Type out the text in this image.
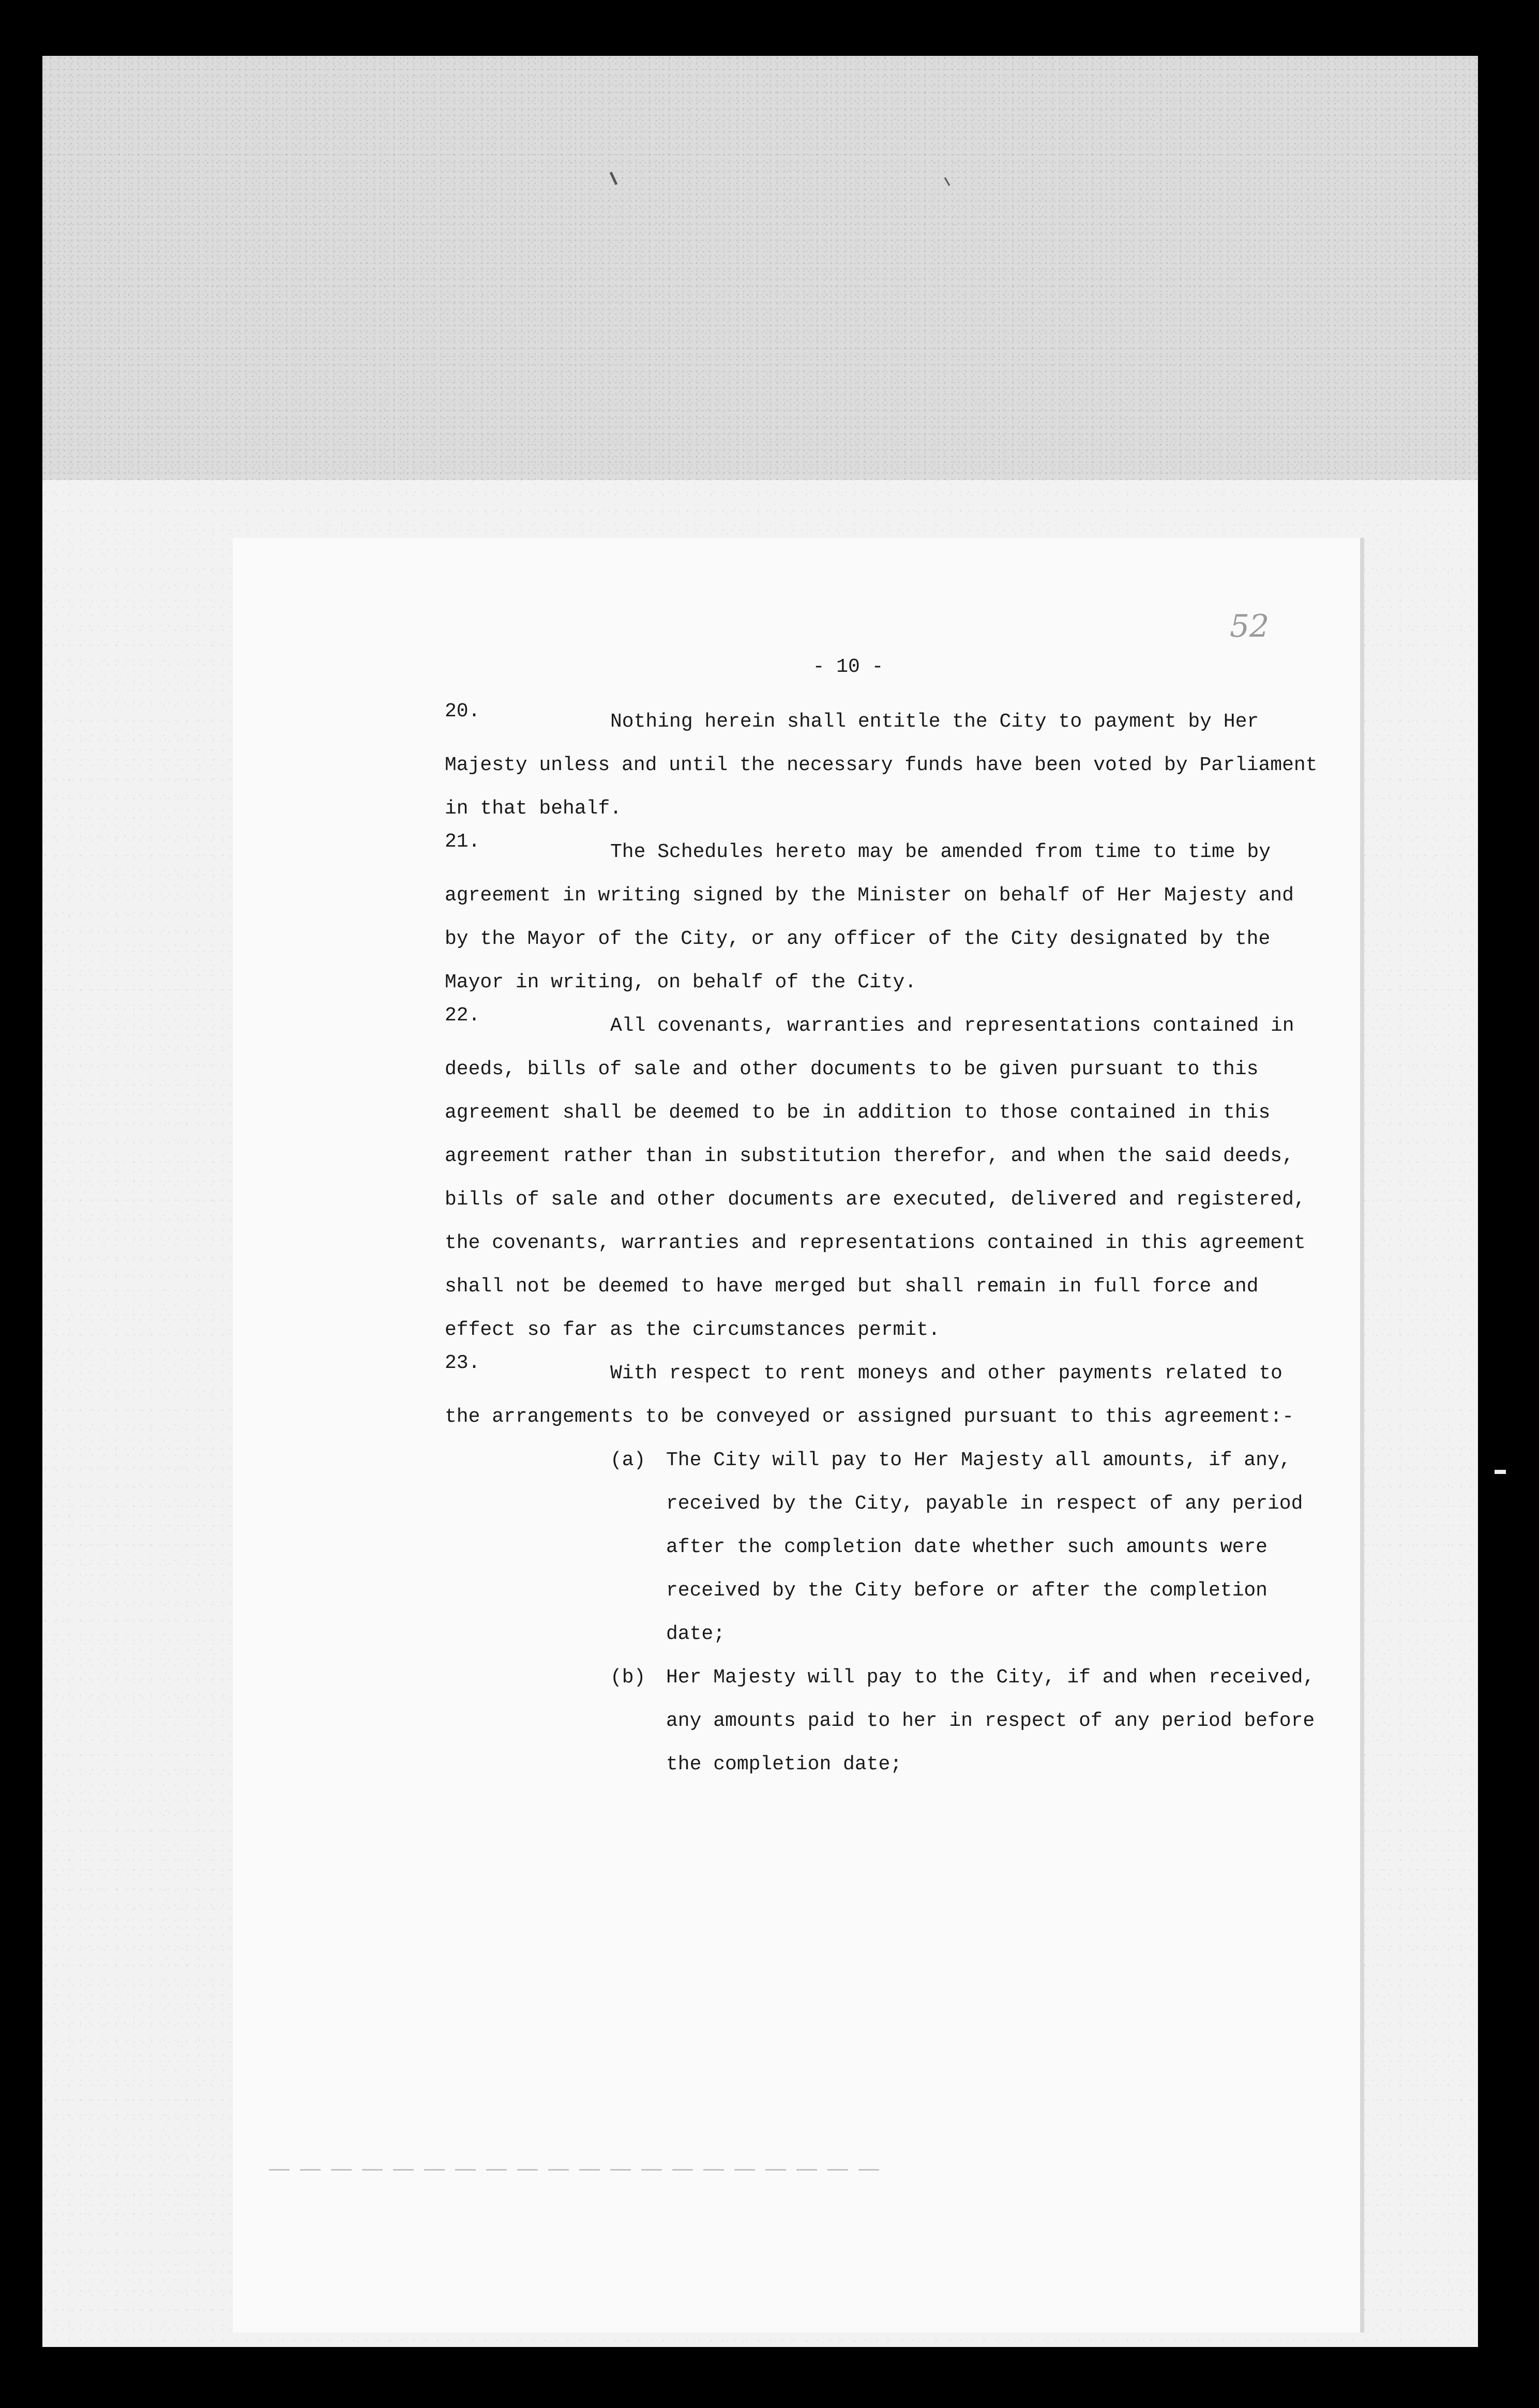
52
- 10 -
20.	Nothing herein shall entitle the City to payment by Her
Majesty unless and until the necessary funds have been voted by Parliament
in that behalf.
21.	The Schedules hereto may be amended from time to time by
agreement in writing signed by the Minister on behalf of Her Majesty and
by the Mayor of the City, or any officer of the City designated by the
Mayor in writing, on behalf of the City.
22.	All covenants, warranties and representations contained in
deeds, bills of sale and other documents to be given pursuant to this
agreement shall be deemed to be in addition to those contained in this
agreement rather than in substitution therefor, and when the said deeds,
bills of sale and other documents are executed, delivered and registered,
the covenants, warranties and representations contained in this agreement
shall not be deemed to have merged but shall remain in full force and
effect so far as the circumstances permit.
23.	With respect to rent moneys and other payments related to
the arrangements to be conveyed or assigned pursuant to this agreement:-
(a)	The City will pay to Her Majesty all amounts, if any,
received by the City, payable in respect of any period
after the completion date whether such amounts were
received by the City before or after the completion
date;
(b)	Her Majesty will pay to the City, if and when received,
any amounts paid to her in respect of any period before
the completion date;
